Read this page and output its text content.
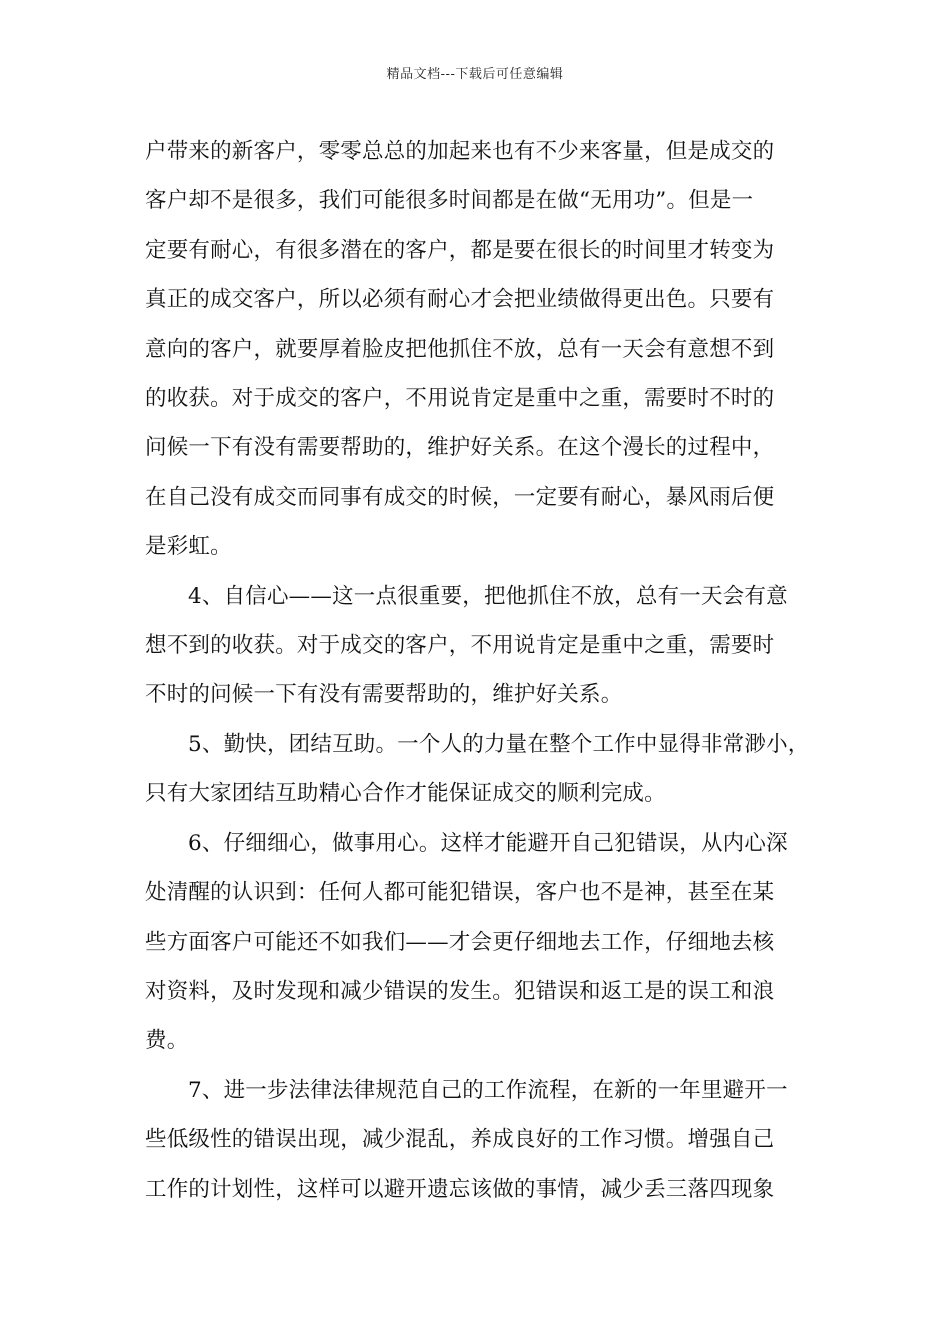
精品文档---下载后可任意编辑

户带来的新客户，零零总总的加起来也有不少来客量，但是成交的
客户却不是很多，我们可能很多时间都是在做“无用功”。但是一
定要有耐心，有很多潜在的客户，都是要在很长的时间里才转变为
真正的成交客户，所以必须有耐心才会把业绩做得更出色。只要有
意向的客户，就要厚着脸皮把他抓住不放，总有一天会有意想不到
的收获。对于成交的客户，不用说肯定是重中之重，需要时不时的
问候一下有没有需要帮助的，维护好关系。在这个漫长的过程中，
在自己没有成交而同事有成交的时候，一定要有耐心，暴风雨后便
是彩虹。

4、自信心——这一点很重要，把他抓住不放，总有一天会有意
想不到的收获。对于成交的客户，不用说肯定是重中之重，需要时
不时的问候一下有没有需要帮助的，维护好关系。

5、勤快，团结互助。一个人的力量在整个工作中显得非常渺小，
只有大家团结互助精心合作才能保证成交的顺利完成。

6、仔细细心，做事用心。这样才能避开自己犯错误，从内心深
处清醒的认识到：任何人都可能犯错误，客户也不是神，甚至在某
些方面客户可能还不如我们——才会更仔细地去工作，仔细地去核
对资料，及时发现和减少错误的发生。犯错误和返工是的误工和浪
费。

7、进一步法律法律规范自己的工作流程，在新的一年里避开一
些低级性的错误出现，减少混乱，养成良好的工作习惯。增强自己
工作的计划性，这样可以避开遗忘该做的事情，减少丢三落四现象
